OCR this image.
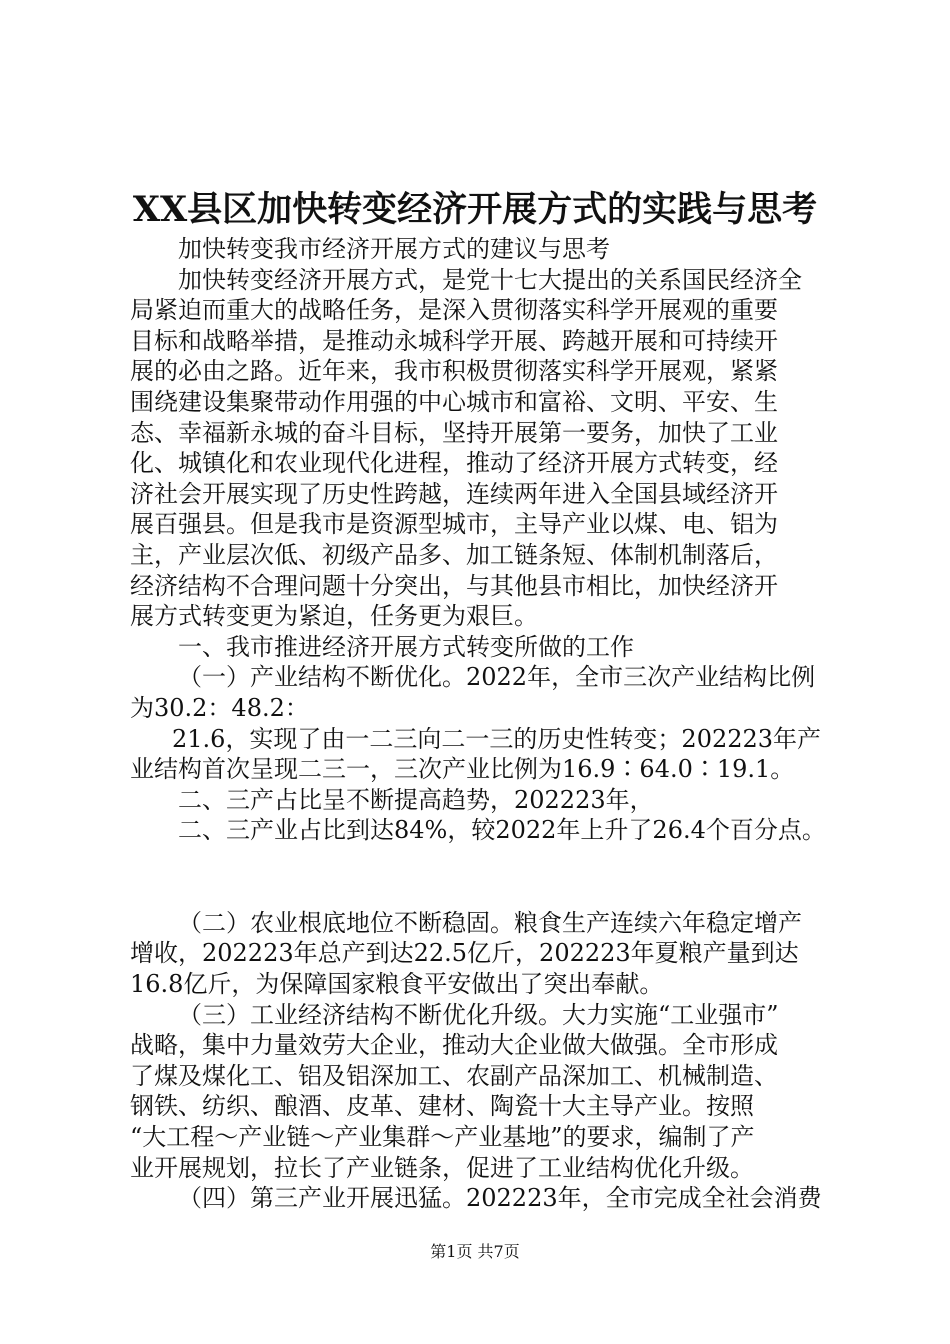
XX县区加快转变经济开展方式的实践与思考
加快转变我市经济开展方式的建议与思考
加快转变经济开展方式，是党十七大提出的关系国民经济全
局紧迫而重大的战略任务，是深入贯彻落实科学开展观的重要
目标和战略举措，是推动永城科学开展、跨越开展和可持续开
展的必由之路。近年来，我市积极贯彻落实科学开展观，紧紧
围绕建设集聚带动作用强的中心城市和富裕、文明、平安、生
态、幸福新永城的奋斗目标，坚持开展第一要务，加快了工业
化、城镇化和农业现代化进程，推动了经济开展方式转变，经
济社会开展实现了历史性跨越，连续两年进入全国县域经济开
展百强县。但是我市是资源型城市，主导产业以煤、电、铝为
主，产业层次低、初级产品多、加工链条短、体制机制落后，
经济结构不合理问题十分突出，与其他县市相比，加快经济开
展方式转变更为紧迫，任务更为艰巨。
一、我市推进经济开展方式转变所做的工作
（一）产业结构不断优化。2022年，全市三次产业结构比例
为30.2：48.2：
21.6，实现了由一二三向二一三的历史性转变；202223年产
业结构首次呈现二三一，三次产业比例为16.9∶64.0∶19.1。
二、三产占比呈不断提高趋势，202223年，
二、三产业占比到达84%，较2022年上升了26.4个百分点。
（二）农业根底地位不断稳固。粮食生产连续六年稳定增产
增收，202223年总产到达22.5亿斤，202223年夏粮产量到达
16.8亿斤，为保障国家粮食平安做出了突出奉献。
（三）工业经济结构不断优化升级。大力实施“工业强市”
战略，集中力量效劳大企业，推动大企业做大做强。全市形成
了煤及煤化工、铝及铝深加工、农副产品深加工、机械制造、
钢铁、纺织、酿酒、皮革、建材、陶瓷十大主导产业。按照
“大工程～产业链～产业集群～产业基地”的要求，编制了产
业开展规划，拉长了产业链条，促进了工业结构优化升级。
（四）第三产业开展迅猛。202223年，全市完成全社会消费
第1页 共7页
